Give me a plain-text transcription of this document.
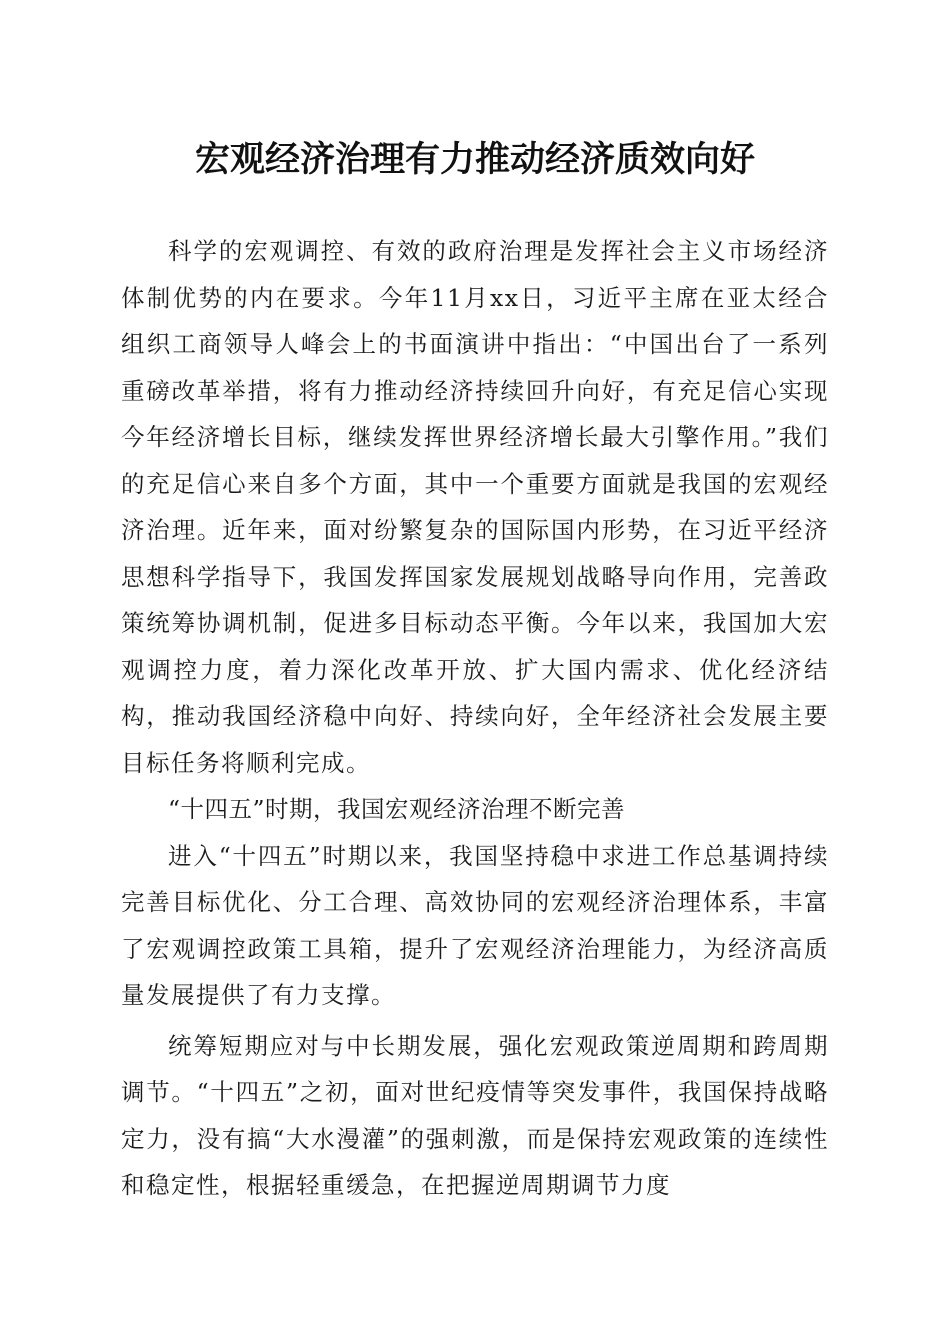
宏观经济治理有力推动经济质效向好

科学的宏观调控、有效的政府治理是发挥社会主义市场经济体制优势的内在要求。今年11月xx日，习近平主席在亚太经合组织工商领导人峰会上的书面演讲中指出：“中国出台了一系列重磅改革举措，将有力推动经济持续回升向好，有充足信心实现今年经济增长目标，继续发挥世界经济增长最大引擎作用。”我们的充足信心来自多个方面，其中一个重要方面就是我国的宏观经济治理。近年来，面对纷繁复杂的国际国内形势，在习近平经济思想科学指导下，我国发挥国家发展规划战略导向作用，完善政策统筹协调机制，促进多目标动态平衡。今年以来，我国加大宏观调控力度，着力深化改革开放、扩大国内需求、优化经济结构，推动我国经济稳中向好、持续向好，全年经济社会发展主要目标任务将顺利完成。

“十四五”时期，我国宏观经济治理不断完善

进入“十四五”时期以来，我国坚持稳中求进工作总基调持续完善目标优化、分工合理、高效协同的宏观经济治理体系，丰富了宏观调控政策工具箱，提升了宏观经济治理能力，为经济高质量发展提供了有力支撑。

统筹短期应对与中长期发展，强化宏观政策逆周期和跨周期调节。“十四五”之初，面对世纪疫情等突发事件，我国保持战略定力，没有搞“大水漫灌”的强刺激，而是保持宏观政策的连续性和稳定性，根据轻重缓急，在把握逆周期调节力度
